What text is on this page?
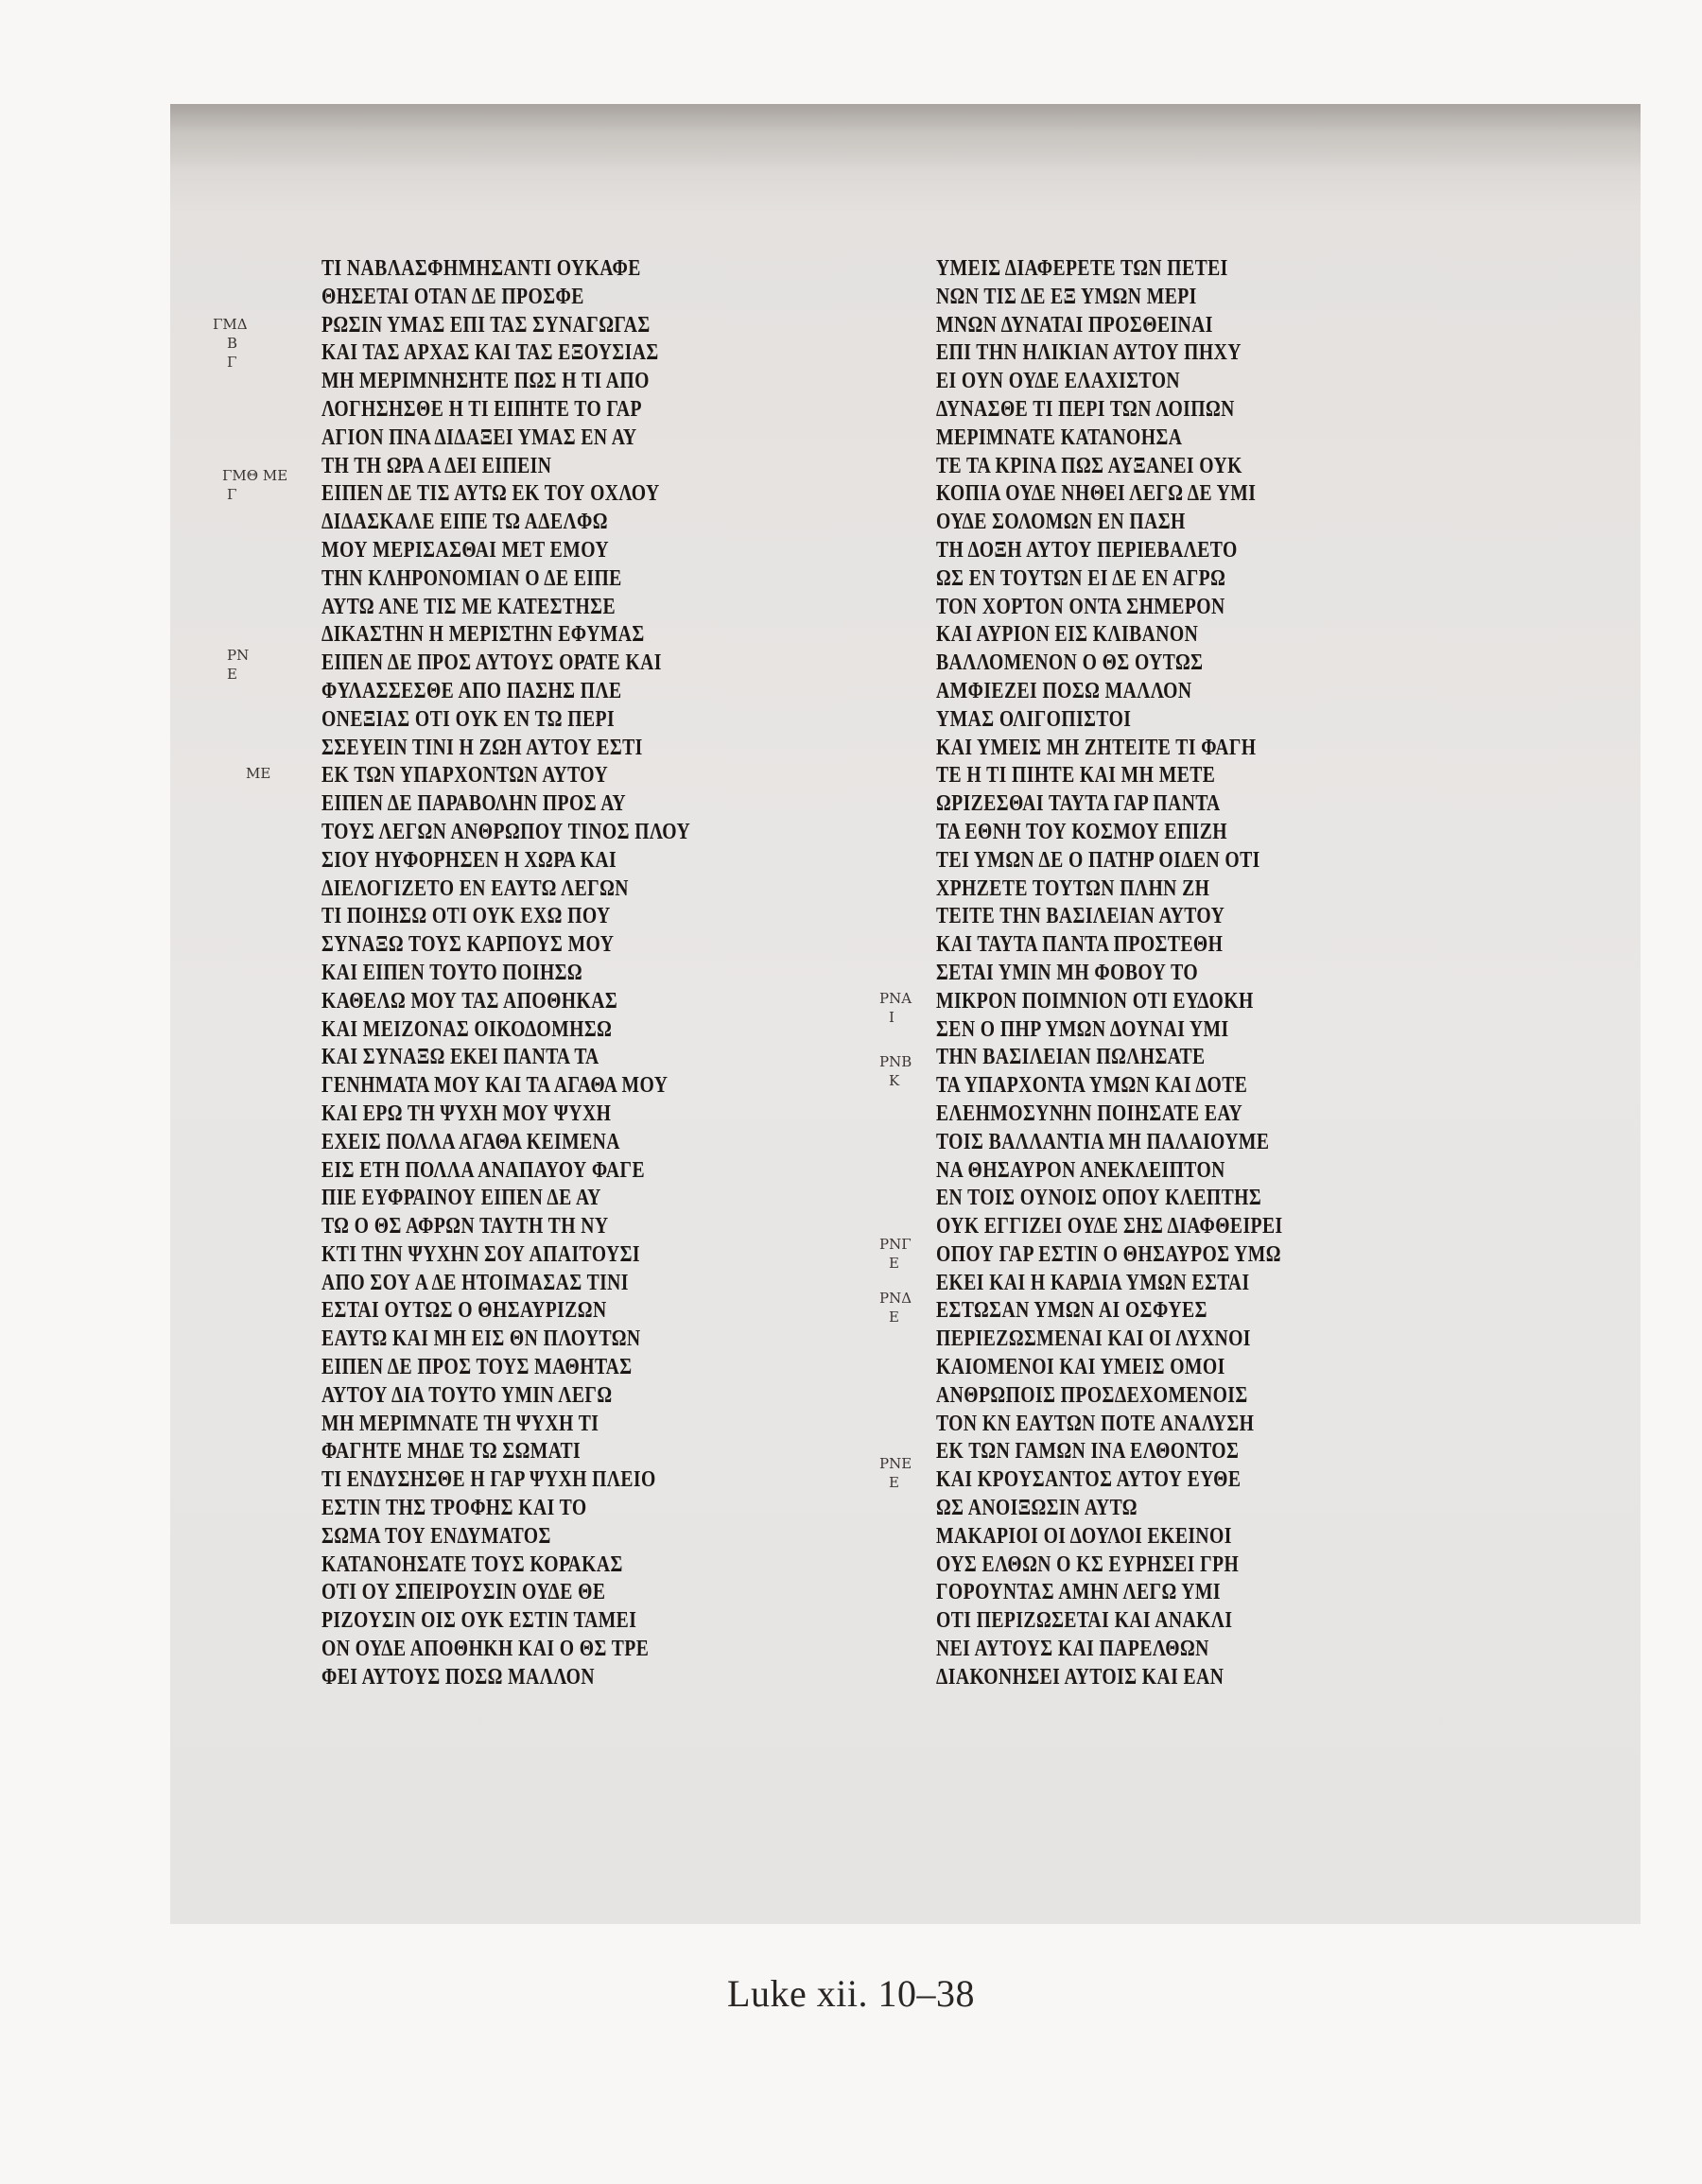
ΓΜΔ
Β
Γ
ΓΜΘ ΜΕ
Γ
ΡΝ
Ε
ΜΕ
ΡΝΑ
Ι
ΡΝΒ
Κ
ΡΝΓ
Ε
ΡΝΔ
Ε
ΡΝΕ
Ε
ΤΙ ΝΑΒΛΑΣΦΗΜΗΣΑΝΤΙ ΟΥΚΑΦΕ
ΘΗΣΕΤΑΙ ΟΤΑΝ ΔΕ ΠΡΟΣΦΕ
ΡΩΣΙΝ ΥΜΑΣ ΕΠΙ ΤΑΣ ΣΥΝΑΓΩΓΑΣ
ΚΑΙ ΤΑΣ ΑΡΧΑΣ ΚΑΙ ΤΑΣ ΕΞΟΥΣΙΑΣ
ΜΗ ΜΕΡΙΜΝΗΣΗΤΕ ΠΩΣ Η ΤΙ ΑΠΟ
ΛΟΓΗΣΗΣΘΕ Η ΤΙ ΕΙΠΗΤΕ ΤΟ ΓΑΡ
ΑΓΙΟΝ ΠΝΑ ΔΙΔΑΞΕΙ ΥΜΑΣ ΕΝ ΑΥ
ΤΗ ΤΗ ΩΡΑ Α ΔΕΙ ΕΙΠΕΙΝ
ΕΙΠΕΝ ΔΕ ΤΙΣ ΑΥΤΩ ΕΚ ΤΟΥ ΟΧΛΟΥ
ΔΙΔΑΣΚΑΛΕ ΕΙΠΕ ΤΩ ΑΔΕΛΦΩ
ΜΟΥ ΜΕΡΙΣΑΣΘΑΙ ΜΕΤ ΕΜΟΥ
ΤΗΝ ΚΛΗΡΟΝΟΜΙΑΝ Ο ΔΕ ΕΙΠΕ
ΑΥΤΩ ΑΝΕ ΤΙΣ ΜΕ ΚΑΤΕΣΤΗΣΕ
ΔΙΚΑΣΤΗΝ Η ΜΕΡΙΣΤΗΝ ΕΦΥΜΑΣ
ΕΙΠΕΝ ΔΕ ΠΡΟΣ ΑΥΤΟΥΣ ΟΡΑΤΕ ΚΑΙ
ΦΥΛΑΣΣΕΣΘΕ ΑΠΟ ΠΑΣΗΣ ΠΛΕ
ΟΝΕΞΙΑΣ ΟΤΙ ΟΥΚ ΕΝ ΤΩ ΠΕΡΙ
ΣΣΕΥΕΙΝ ΤΙΝΙ Η ΖΩΗ ΑΥΤΟΥ ΕΣΤΙ
ΕΚ ΤΩΝ ΥΠΑΡΧΟΝΤΩΝ ΑΥΤΟΥ
ΕΙΠΕΝ ΔΕ ΠΑΡΑΒΟΛΗΝ ΠΡΟΣ ΑΥ
ΤΟΥΣ ΛΕΓΩΝ ΑΝΘΡΩΠΟΥ ΤΙΝΟΣ ΠΛΟΥ
ΣΙΟΥ ΗΥΦΟΡΗΣΕΝ Η ΧΩΡΑ ΚΑΙ
ΔΙΕΛΟΓΙΖΕΤΟ ΕΝ ΕΑΥΤΩ ΛΕΓΩΝ
ΤΙ ΠΟΙΗΣΩ ΟΤΙ ΟΥΚ ΕΧΩ ΠΟΥ
ΣΥΝΑΞΩ ΤΟΥΣ ΚΑΡΠΟΥΣ ΜΟΥ
ΚΑΙ ΕΙΠΕΝ ΤΟΥΤΟ ΠΟΙΗΣΩ
ΚΑΘΕΛΩ ΜΟΥ ΤΑΣ ΑΠΟΘΗΚΑΣ
ΚΑΙ ΜΕΙΖΟΝΑΣ ΟΙΚΟΔΟΜΗΣΩ
ΚΑΙ ΣΥΝΑΞΩ ΕΚΕΙ ΠΑΝΤΑ ΤΑ
ΓΕΝΗΜΑΤΑ ΜΟΥ ΚΑΙ ΤΑ ΑΓΑΘΑ ΜΟΥ
ΚΑΙ ΕΡΩ ΤΗ ΨΥΧΗ ΜΟΥ ΨΥΧΗ
ΕΧΕΙΣ ΠΟΛΛΑ ΑΓΑΘΑ ΚΕΙΜΕΝΑ
ΕΙΣ ΕΤΗ ΠΟΛΛΑ ΑΝΑΠΑΥΟΥ ΦΑΓΕ
ΠΙΕ ΕΥΦΡΑΙΝΟΥ ΕΙΠΕΝ ΔΕ ΑΥ
ΤΩ Ο ΘΣ ΑΦΡΩΝ ΤΑΥΤΗ ΤΗ ΝΥ
ΚΤΙ ΤΗΝ ΨΥΧΗΝ ΣΟΥ ΑΠΑΙΤΟΥΣΙ
ΑΠΟ ΣΟΥ Α ΔΕ ΗΤΟΙΜΑΣΑΣ ΤΙΝΙ
ΕΣΤΑΙ ΟΥΤΩΣ Ο ΘΗΣΑΥΡΙΖΩΝ
ΕΑΥΤΩ ΚΑΙ ΜΗ ΕΙΣ ΘΝ ΠΛΟΥΤΩΝ
ΕΙΠΕΝ ΔΕ ΠΡΟΣ ΤΟΥΣ ΜΑΘΗΤΑΣ
ΑΥΤΟΥ ΔΙΑ ΤΟΥΤΟ ΥΜΙΝ ΛΕΓΩ
ΜΗ ΜΕΡΙΜΝΑΤΕ ΤΗ ΨΥΧΗ ΤΙ
ΦΑΓΗΤΕ ΜΗΔΕ ΤΩ ΣΩΜΑΤΙ
ΤΙ ΕΝΔΥΣΗΣΘΕ Η ΓΑΡ ΨΥΧΗ ΠΛΕΙΟ
ΕΣΤΙΝ ΤΗΣ ΤΡΟΦΗΣ ΚΑΙ ΤΟ
ΣΩΜΑ ΤΟΥ ΕΝΔΥΜΑΤΟΣ
ΚΑΤΑΝΟΗΣΑΤΕ ΤΟΥΣ ΚΟΡΑΚΑΣ
ΟΤΙ ΟΥ ΣΠΕΙΡΟΥΣΙΝ ΟΥΔΕ ΘΕ
ΡΙΖΟΥΣΙΝ ΟΙΣ ΟΥΚ ΕΣΤΙΝ ΤΑΜΕΙ
ΟΝ ΟΥΔΕ ΑΠΟΘΗΚΗ ΚΑΙ Ο ΘΣ ΤΡΕ
ΦΕΙ ΑΥΤΟΥΣ ΠΟΣΩ ΜΑΛΛΟΝ
ΥΜΕΙΣ ΔΙΑΦΕΡΕΤΕ ΤΩΝ ΠΕΤΕΙ
ΝΩΝ ΤΙΣ ΔΕ ΕΞ ΥΜΩΝ ΜΕΡΙ
ΜΝΩΝ ΔΥΝΑΤΑΙ ΠΡΟΣΘΕΙΝΑΙ
ΕΠΙ ΤΗΝ ΗΛΙΚΙΑΝ ΑΥΤΟΥ ΠΗΧΥ
ΕΙ ΟΥΝ ΟΥΔΕ ΕΛΑΧΙΣΤΟΝ
ΔΥΝΑΣΘΕ ΤΙ ΠΕΡΙ ΤΩΝ ΛΟΙΠΩΝ
ΜΕΡΙΜΝΑΤΕ ΚΑΤΑΝΟΗΣΑ
ΤΕ ΤΑ ΚΡΙΝΑ ΠΩΣ ΑΥΞΑΝΕΙ ΟΥΚ
ΚΟΠΙΑ ΟΥΔΕ ΝΗΘΕΙ ΛΕΓΩ ΔΕ ΥΜΙ
ΟΥΔΕ ΣΟΛΟΜΩΝ ΕΝ ΠΑΣΗ
ΤΗ ΔΟΞΗ ΑΥΤΟΥ ΠΕΡΙΕΒΑΛΕΤΟ
ΩΣ ΕΝ ΤΟΥΤΩΝ ΕΙ ΔΕ ΕΝ ΑΓΡΩ
ΤΟΝ ΧΟΡΤΟΝ ΟΝΤΑ ΣΗΜΕΡΟΝ
ΚΑΙ ΑΥΡΙΟΝ ΕΙΣ ΚΛΙΒΑΝΟΝ
ΒΑΛΛΟΜΕΝΟΝ Ο ΘΣ ΟΥΤΩΣ
ΑΜΦΙΕΖΕΙ ΠΟΣΩ ΜΑΛΛΟΝ
ΥΜΑΣ ΟΛΙΓΟΠΙΣΤΟΙ
ΚΑΙ ΥΜΕΙΣ ΜΗ ΖΗΤΕΙΤΕ ΤΙ ΦΑΓΗ
ΤΕ Η ΤΙ ΠΙΗΤΕ ΚΑΙ ΜΗ ΜΕΤΕ
ΩΡΙΖΕΣΘΑΙ ΤΑΥΤΑ ΓΑΡ ΠΑΝΤΑ
ΤΑ ΕΘΝΗ ΤΟΥ ΚΟΣΜΟΥ ΕΠΙΖΗ
ΤΕΙ ΥΜΩΝ ΔΕ Ο ΠΑΤΗΡ ΟΙΔΕΝ ΟΤΙ
ΧΡΗΖΕΤΕ ΤΟΥΤΩΝ ΠΛΗΝ ΖΗ
ΤΕΙΤΕ ΤΗΝ ΒΑΣΙΛΕΙΑΝ ΑΥΤΟΥ
ΚΑΙ ΤΑΥΤΑ ΠΑΝΤΑ ΠΡΟΣΤΕΘΗ
ΣΕΤΑΙ ΥΜΙΝ ΜΗ ΦΟΒΟΥ ΤΟ
ΜΙΚΡΟΝ ΠΟΙΜΝΙΟΝ ΟΤΙ ΕΥΔΟΚΗ
ΣΕΝ Ο ΠΗΡ ΥΜΩΝ ΔΟΥΝΑΙ ΥΜΙ
ΤΗΝ ΒΑΣΙΛΕΙΑΝ ΠΩΛΗΣΑΤΕ
ΤΑ ΥΠΑΡΧΟΝΤΑ ΥΜΩΝ ΚΑΙ ΔΟΤΕ
ΕΛΕΗΜΟΣΥΝΗΝ ΠΟΙΗΣΑΤΕ ΕΑΥ
ΤΟΙΣ ΒΑΛΛΑΝΤΙΑ ΜΗ ΠΑΛΑΙΟΥΜΕ
ΝΑ ΘΗΣΑΥΡΟΝ ΑΝΕΚΛΕΙΠΤΟΝ
ΕΝ ΤΟΙΣ ΟΥΝΟΙΣ ΟΠΟΥ ΚΛΕΠΤΗΣ
ΟΥΚ ΕΓΓΙΖΕΙ ΟΥΔΕ ΣΗΣ ΔΙΑΦΘΕΙΡΕΙ
ΟΠΟΥ ΓΑΡ ΕΣΤΙΝ Ο ΘΗΣΑΥΡΟΣ ΥΜΩ
ΕΚΕΙ ΚΑΙ Η ΚΑΡΔΙΑ ΥΜΩΝ ΕΣΤΑΙ
ΕΣΤΩΣΑΝ ΥΜΩΝ ΑΙ ΟΣΦΥΕΣ
ΠΕΡΙΕΖΩΣΜΕΝΑΙ ΚΑΙ ΟΙ ΛΥΧΝΟΙ
ΚΑΙΟΜΕΝΟΙ ΚΑΙ ΥΜΕΙΣ ΟΜΟΙ
ΑΝΘΡΩΠΟΙΣ ΠΡΟΣΔΕΧΟΜΕΝΟΙΣ
ΤΟΝ ΚΝ ΕΑΥΤΩΝ ΠΟΤΕ ΑΝΑΛΥΣΗ
ΕΚ ΤΩΝ ΓΑΜΩΝ ΙΝΑ ΕΛΘΟΝΤΟΣ
ΚΑΙ ΚΡΟΥΣΑΝΤΟΣ ΑΥΤΟΥ ΕΥΘΕ
ΩΣ ΑΝΟΙΞΩΣΙΝ ΑΥΤΩ
ΜΑΚΑΡΙΟΙ ΟΙ ΔΟΥΛΟΙ ΕΚΕΙΝΟΙ
ΟΥΣ ΕΛΘΩΝ Ο ΚΣ ΕΥΡΗΣΕΙ ΓΡΗ
ΓΟΡΟΥΝΤΑΣ ΑΜΗΝ ΛΕΓΩ ΥΜΙ
ΟΤΙ ΠΕΡΙΖΩΣΕΤΑΙ ΚΑΙ ΑΝΑΚΛΙ
ΝΕΙ ΑΥΤΟΥΣ ΚΑΙ ΠΑΡΕΛΘΩΝ
ΔΙΑΚΟΝΗΣΕΙ ΑΥΤΟΙΣ ΚΑΙ ΕΑΝ
Luke xii. 10–38
